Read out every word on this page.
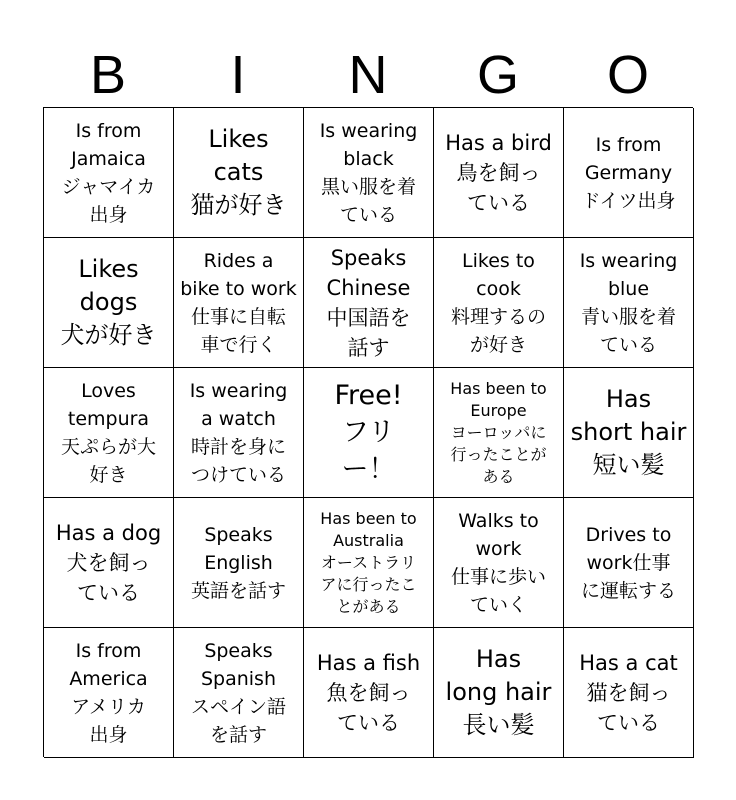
B	I	N	G	O
Is from
Jamaica
ジャマイカ
出身
Likes
cats
猫が好き
Is wearing
black
黒い服を着
ている
Has a bird
鳥を飼っ
ている
Is from
Germany
ドイツ出身
Likes
dogs
犬が好き
Rides a
bike to work
仕事に自転
車で行く
Speaks
Chinese
中国語を
話す
Likes to
cook
料理するの
が好き
Is wearing
blue
青い服を着
ている
Loves
tempura
天ぷらが大
好き
Is wearing
a watch
時計を身に
つけている
Free!
フリ
ー！
Has been to
Europe
ヨーロッパに
行ったことが
ある
Has
short hair
短い髪
Has a dog
犬を飼っ
ている
Speaks
English
英語を話す
Has been to
Australia
オーストラリ
アに行ったこ
とがある
Walks to
work
仕事に歩い
ていく
Drives to
work仕事
に運転する
Is from
America
アメリカ
出身
Speaks
Spanish
スペイン語
を話す
Has a fish
魚を飼っ
ている
Has
long hair
長い髪
Has a cat
猫を飼っ
ている
